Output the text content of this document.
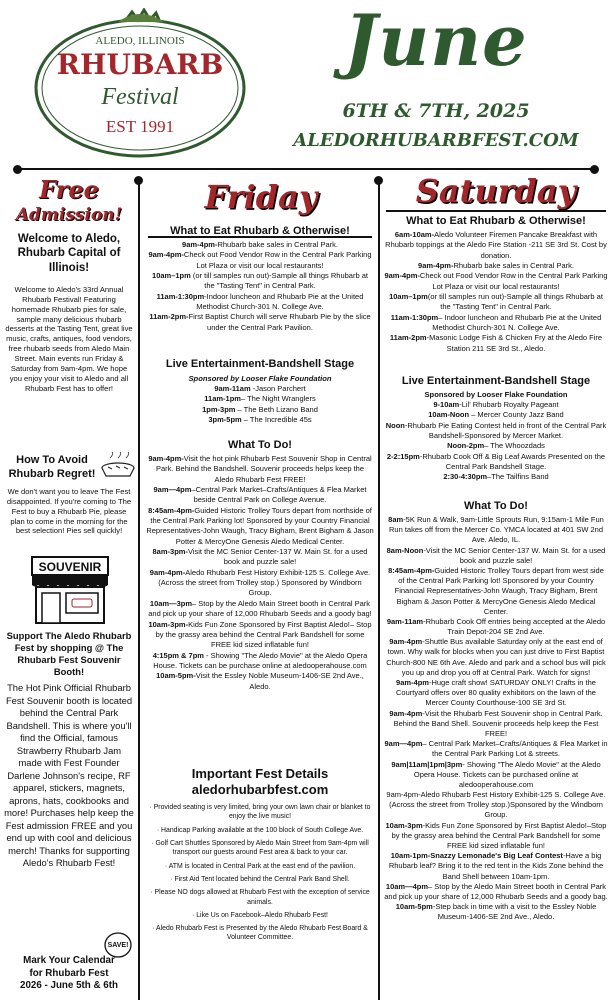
ALEDO, ILLINOIS
RHUBARB
Festival
EST 1991
June
6TH & 7TH, 2025
ALEDORHUBARBFEST.COM
Free
Admission!
Welcome to Aledo, Rhubarb Capital of Illinois!
Welcome to Aledo's 33rd Annual Rhubarb Festival! Featuring homemade Rhubarb pies for sale, sample many delicious rhubarb desserts at the Tasting Tent, great live music, crafts, antiques, food vendors, free rhubarb seeds from Aledo Main Street. Main events run Friday & Saturday from 9am-4pm. We hope you enjoy your visit to Aledo and all Rhubarb Fest has to offer!
How To Avoid Rhubarb Regret!
We don't want you to leave The Fest disappointed. If you're coming to The Fest to buy a Rhubarb Pie, please plan to come in the morning for the best selection! Pies sell quickly!
SOUVENIR
Support The Aledo Rhubarb Fest by shopping @ The Rhubarb Fest Souvenir Booth!
The Hot Pink Official Rhubarb Fest Souvenir booth is located behind the Central Park Bandshell. This is where you'll find the Official, famous Strawberry Rhubarb Jam made with Fest Founder Darlene Johnson's recipe, RF apparel, stickers, magnets, aprons, hats, cookbooks and more! Purchases help keep the Fest admission FREE and you end up with cool and delicious merch! Thanks for supporting Aledo's Rhubarb Fest!
SAVE!
Mark Your Calendar
for Rhubarb Fest
2026 - June 5th & 6th
Friday
What to Eat Rhubarb & Otherwise!
9am-4pm-Rhubarb bake sales in Central Park.
9am-4pm-Check out Food Vendor Row in the Central Park Parking Lot Plaza or visit our local restaurants!
10am–1pm (or till samples run out)-Sample all things Rhubarb at the "Tasting Tent" in Central Park.
11am-1:30pm-Indoor luncheon and Rhubarb Pie at the United Methodist Church-301 N. College Ave.
11am-2pm-First Baptist Church will serve Rhubarb Pie by the slice under the Central Park Pavilion.
Live Entertainment-Bandshell Stage
Sponsored by Looser Flake Foundation
9am-11am -Jason Parchert
11am-1pm– The Night Wranglers
1pm-3pm – The Beth Lizano Band
3pm-5pm – The Incredible 45s
What To Do!
9am-4pm-Visit the hot pink Rhubarb Fest Souvenir Shop in Central Park. Behind the Bandshell. Souvenir proceeds helps keep the Aledo Rhubarb Fest FREE!
9am—4pm–Central Park Market–Crafts/Antiques & Flea Market beside Central Park on College Avenue.
8:45am-4pm-Guided Historic Trolley Tours depart from northside of the Central Park Parking lot! Sponsored by your Country Financial Representatives-John Waugh, Tracy Bigham, Brent Bigham & Jason Potter & MercyOne Genesis Aledo Medical Center.
8am-3pm-Visit the MC Senior Center-137 W. Main St. for a used book and puzzle sale!
9am-4pm-Aledo Rhubarb Fest History Exhibit-125 S. College Ave. (Across the street from Trolley stop.) Sponsored by Windborn Group.
10am—3pm– Stop by the Aledo Main Street booth in Central Park and pick up your share of 12,000 Rhubarb Seeds and a goody bag!
10am-3pm-Kids Fun Zone Sponsored by First Baptist Aledo!– Stop by the grassy area behind the Central Park Bandshell for some FREE kid sized inflatable fun!
4:15pm & 7pm - Showing "The Aledo Movie" at the Aledo Opera House. Tickets can be purchase online at aledooperahouse.com
10am-5pm-Visit the Essley Noble Museum-1406-SE 2nd Ave., Aledo.
Important Fest Details
aledorhubarbfest.com
· Provided seating is very limited, bring your own lawn chair or blanket to enjoy the live music!
· Handicap Parking available at the 100 block of South College Ave.
· Golf Cart Shuttles Sponsored by Aledo Main Street from 9am-4pm will transport our guests around Fest area & back to your car.
· ATM is located in Central Park at the east end of the pavilion.
· First Aid Tent located behind the Central Park Band Shell.
· Please NO dogs allowed at Rhubarb Fest with the exception of service animals.
· Like Us on Facebook–Aledo Rhubarb Fest!
· Aledo Rhubarb Fest is Presented by the Aledo Rhubarb Fest Board & Volunteer Committee.
Saturday
What to Eat Rhubarb & Otherwise!
6am-10am-Aledo Volunteer Firemen Pancake Breakfast with Rhubarb toppings at the Aledo Fire Station -211 SE 3rd St. Cost by donation.
9am-4pm-Rhubarb bake sales in Central Park.
9am-4pm-Check out Food Vendor Row in the Central Park Parking Lot Plaza or visit our local restaurants!
10am–1pm(or till samples run out)-Sample all things Rhubarb at the "Tasting Tent" in Central Park.
11am-1:30pm– Indoor luncheon and Rhubarb Pie at the United Methodist Church-301 N. College Ave.
11am-2pm-Masonic Lodge Fish & Chicken Fry at the Aledo Fire Station 211 SE 3rd St., Aledo.
Live Entertainment-Bandshell Stage
Sponsored by Looser Flake Foundation
9-10am-Lil' Rhubarb Royalty Pageant
10am-Noon – Mercer County Jazz Band
Noon-Rhubarb Pie Eating Contest held in front of the Central Park Bandshell-Sponsored by Mercer Market.
Noon-2pm– The Whoozdads
2-2:15pm-Rhubarb Cook Off & Big Leaf Awards Presented on the Central Park Bandshell Stage.
2:30-4:30pm–The Tailfins Band
What To Do!
8am-5K Run & Walk, 9am-Little Sprouts Run, 9:15am-1 Mile Fun Run takes off from the Mercer Co. YMCA located at 401 SW 2nd Ave. Aledo, IL.
8am-Noon-Visit the MC Senior Center-137 W. Main St. for a used book and puzzle sale!
8:45am-4pm-Guided Historic Trolley Tours depart from west side of the Central Park Parking lot! Sponsored by your Country Financial Representatives-John Waugh, Tracy Bigham, Brent Bigham & Jason Potter & MercyOne Genesis Aledo Medical Center.
9am-11am-Rhubarb Cook Off entries being accepted at the Aledo Train Depot-204 SE 2nd Ave.
9am-4pm-Shuttle Bus available Saturday only at the east end of town. Why walk for blocks when you can just drive to First Baptist Church-800 NE 6th Ave. Aledo and park and a school bus will pick you up and drop you off at Central Park. Watch for signs!
9am-4pm-Huge craft show! SATURDAY ONLY! Crafts in the Courtyard offers over 80 quality exhibitors on the lawn of the Mercer County Courthouse-100 SE 3rd St.
9am-4pm-Visit the Rhubarb Fest Souvenir shop in Central Park. Behind the Band Shell. Souvenir proceeds help keep the Fest FREE!
9am—4pm– Central Park Market–Crafts/Antiques & Flea Market in the Central Park Parking Lot & streets.
9am|11am|1pm|3pm- Showing "The Aledo Movie" at the Aledo Opera House. Tickets can be purchased online at aledooperahouse.com
9am-4pm-Aledo Rhubarb Fest History Exhibit-125 S. College Ave. (Across the street from Trolley stop.)Sponsored by the Windborn Group.
10am-3pm-Kids Fun Zone Sponsored by First Baptist Aledo!–Stop by the grassy area behind the Central Park Bandshell for some FREE kid sized inflatable fun!
10am-1pm-Snazzy Lemonade's Big Leaf Contest-Have a big Rhubarb leaf? Bring it to the red tent in the Kids Zone behind the Band Shell between 10am-1pm.
10am—4pm– Stop by the Aledo Main Street booth in Central Park and pick up your share of 12,000 Rhubarb Seeds and a goody bag.
10am-5pm-Step back in time with a visit to the Essley Noble Museum-1406-SE 2nd Ave., Aledo.
